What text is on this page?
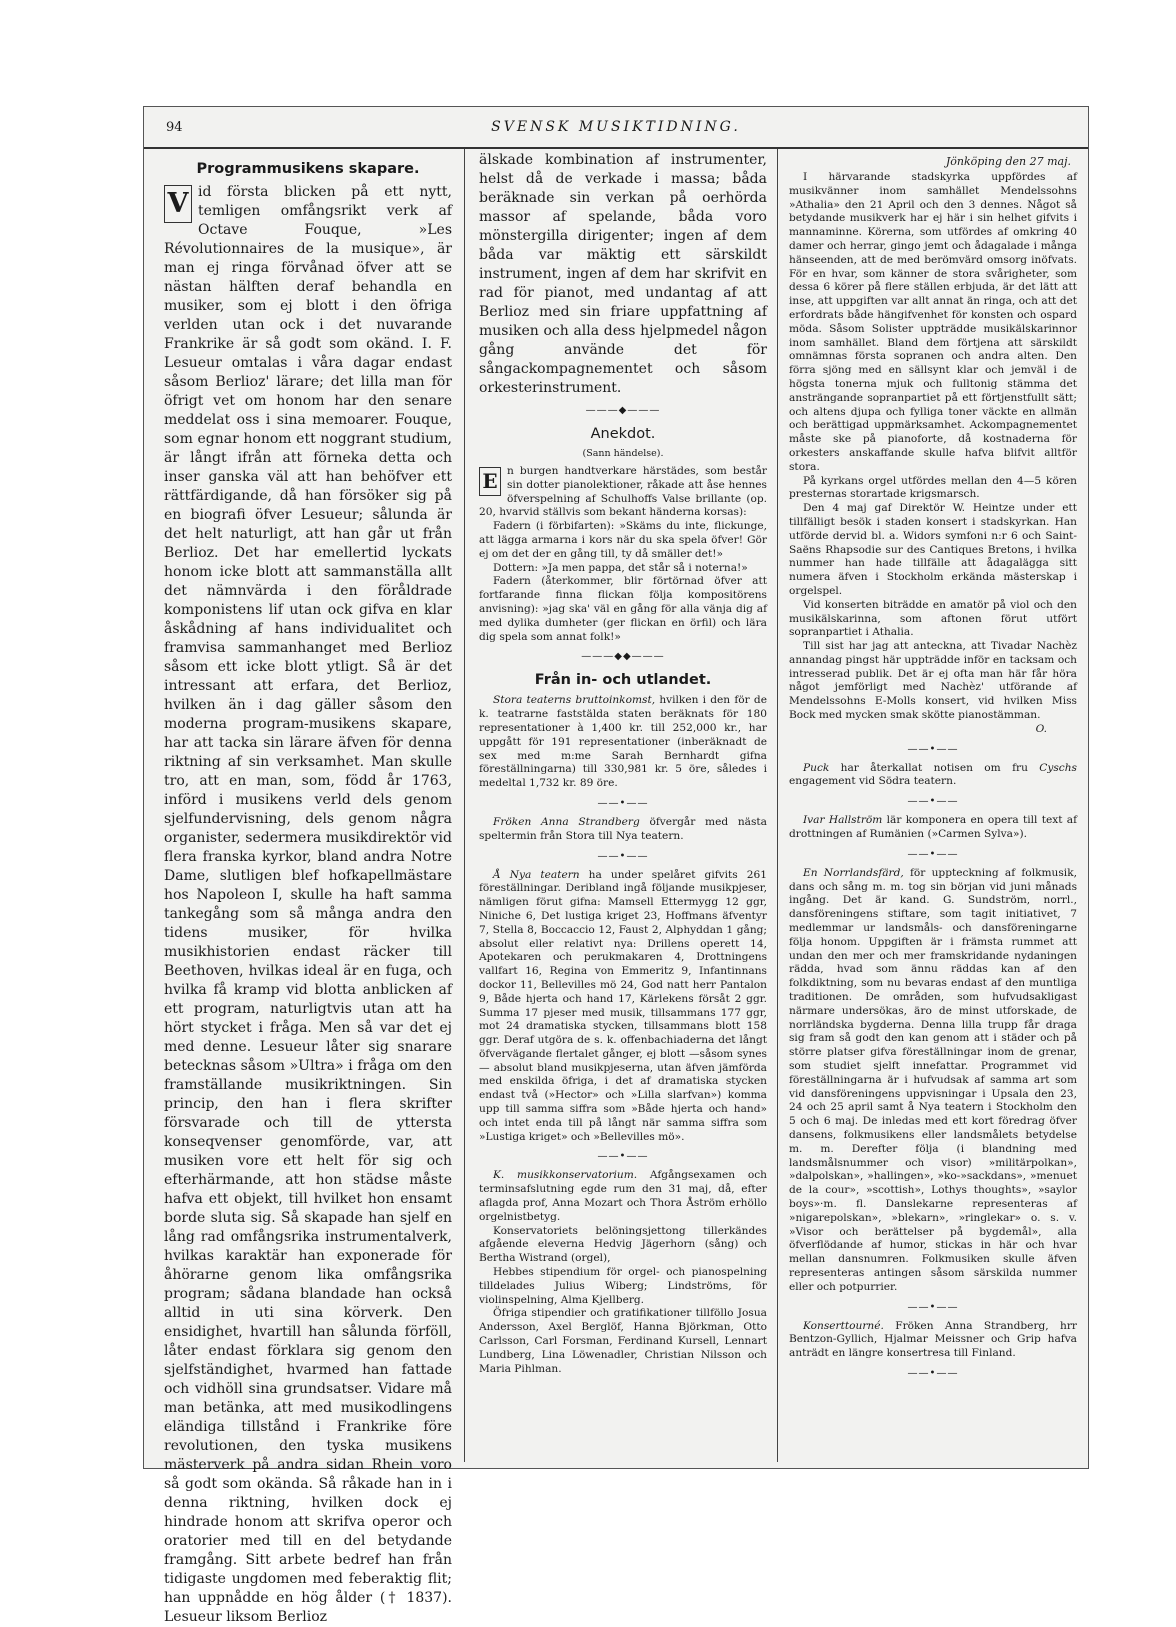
94	SVENSK MUSIKTIDNING.
Programmusikens skapare.

V id första blicken på ett nytt, temligen omfångsrikt verk af Octave Fouque, »Les Révolutionnaires de la musique», är man ej ringa förvånad öfver att se nästan hälften deraf behandla en musiker, som ej blott i den öfriga verlden utan ock i det nuvarande Frankrike är så godt som okänd. I. F. Lesueur omtalas i våra dagar endast såsom Berlioz' lärare; det lilla man för öfrigt vet om honom har den senare meddelat oss i sina memoarer. Fouque, som egnar honom ett noggrant studium, är långt ifrån att förneka detta och inser ganska väl att han behöfver ett rättfärdigande, då han försöker sig på en biografi öfver Lesueur; sålunda är det helt naturligt, att han går ut från Berlioz. Det har emellertid lyckats honom icke blott att sammanställa allt det nämnvärda i den föråldrade komponistens lif utan ock gifva en klar åskådning af hans individualitet och framvisa sammanhanget med Berlioz såsom ett icke blott ytligt. Så är det intressant att erfara, det Berlioz, hvilken än i dag gäller såsom den moderna program-musikens skapare, har att tacka sin lärare äfven för denna riktning af sin verksamhet. Man skulle tro, att en man, som, född år 1763, införd i musikens verld dels genom sjelfundervisning, dels genom några organister, sedermera musikdirektör vid flera franska kyrkor, bland andra Notre Dame, slutligen blef hofkapellmästare hos Napoleon I, skulle ha haft samma tankegång som så många andra den tidens musiker, för hvilka musikhistorien endast räcker till Beethoven, hvilkas ideal är en fuga, och hvilka få kramp vid blotta anblicken af ett program, naturligtvis utan att ha hört stycket i fråga. Men så var det ej med denne. Lesueur låter sig snarare betecknas såsom »Ultra» i fråga om den framställande musikriktningen. Sin princip, den han i flera skrifter försvarade och till de yttersta konseqvenser genomförde, var, att musiken vore ett helt för sig och efterhärmande, att hon städse måste hafva ett objekt, till hvilket hon ensamt borde sluta sig. Så skapade han sjelf en lång rad omfångsrika instrumentalverk, hvilkas karaktär han exponerade för åhörarne genom lika omfångsrika program; sådana blandade han också alltid in uti sina körverk. Den ensidighet, hvartill han sålunda förföll, låter endast förklara sig genom den sjelfständighet, hvarmed han fattade och vidhöll sina grundsatser. Vidare må man betänka, att med musikodlingens eländiga tillstånd i Frankrike före revolutionen, den tyska musikens mästerverk på andra sidan Rhein voro så godt som okända. Så råkade han in i denna riktning, hvilken dock ej hindrade honom att skrifva operor och oratorier med till en del betydande framgång. Sitt arbete bedref han från tidigaste ungdomen med feberaktig flit; han uppnådde en hög ålder († 1837). Lesueur liksom Berlioz

älskade kombination af instrumenter, helst då de verkade i massa; båda beräknade sin verkan på oerhörda massor af spelande, båda voro mönstergilla dirigenter; ingen af dem båda var mäktig ett särskildt instrument, ingen af dem har skrifvit en rad för pianot, med undantag af att Berlioz med sin friare uppfattning af musiken och alla dess hjelpmedel någon gång använde det för sångackompagnementet och såsom orkesterinstrument.

———◆———
Anekdot.
(Sann händelse).

E n burgen handtverkare härstädes, som består sin dotter pianolektioner, råkade att åse hennes öfverspelning af Schulhoffs Valse brillante (op. 20, hvarvid ställvis som bekant händerna korsas):

Fadern (i förbifarten): »Skäms du inte, flickunge, att lägga armarna i kors när du ska spela öfver! Gör ej om det der en gång till, ty då smäller det!»

Dottern: »Ja men pappa, det står så i noterna!»

Fadern (återkommer, blir förtörnad öfver att fortfarande finna flickan följa kompositörens anvisning): »jag ska' väl en gång för alla vänja dig af med dylika dumheter (ger flickan en örfil) och lära dig spela som annat folk!»

———◆◆———
Från in- och utlandet.

Stora teaterns bruttoinkomst, hvilken i den för de k. teatrarne faststälda staten beräknats för 180 representationer à 1,400 kr. till 252,000 kr., har uppgått för 191 representationer (inberäknadt de sex med m:me Sarah Bernhardt gifna föreställningarna) till 330,981 kr. 5 öre, således i medeltal 1,732 kr. 89 öre.

——•——

Fröken Anna Strandberg öfvergår med nästa speltermin från Stora till Nya teatern.

——•——

Å Nya teatern ha under spelåret gifvits 261 föreställningar. Deribland ingå följande musikpjeser, nämligen förut gifna: Mamsell Ettermygg 12 ggr, Niniche 6, Det lustiga kriget 23, Hoffmans äfventyr 7, Stella 8, Boccaccio 12, Faust 2, Alphyddan 1 gång; absolut eller relativt nya: Drillens operett 14, Apotekaren och perukmakaren 4, Drottningens vallfart 16, Regina von Emmeritz 9, Infantinnans dockor 11, Bellevilles mö 24, God natt herr Pantalon 9, Både hjerta och hand 17, Kärlekens försåt 2 ggr. Summa 17 pjeser med musik, tillsammans 177 ggr, mot 24 dramatiska stycken, tillsammans blott 158 ggr. Deraf utgöra de s. k. offenbachiaderna det långt öfvervägande flertalet gånger, ej blott —såsom synes — absolut bland musikpjeserna, utan äfven jämförda med enskilda öfriga, i det af dramatiska stycken endast två (»Hector» och »Lilla slarfvan») komma upp till samma siffra som »Både hjerta och hand» och intet enda till på långt när samma siffra som »Lustiga kriget» och »Bellevilles mö».

——•——

K. musikkonservatorium. Afgångsexamen och terminsafslutning egde rum den 31 maj, då, efter aflagda prof, Anna Mozart och Thora Åström erhöllo orgelnistbetyg.

Konservatoriets belöningsjettong tillerkändes afgående eleverna Hedvig Jägerhorn (sång) och Bertha Wistrand (orgel),

Hebbes stipendium för orgel- och pianospelning tilldelades Julius Wiberg; Lindströms, för violinspelning, Alma Kjellberg.

Öfriga stipendier och gratifikationer tillföllo Josua Andersson, Axel Berglöf, Hanna Björkman, Otto Carlsson, Carl Forsman, Ferdinand Kursell, Lennart Lundberg, Lina Löwenadler, Christian Nilsson och Maria Pihlman.

Jönköping den 27 maj.

I härvarande stadskyrka uppfördes af musikvänner inom samhället Mendelssohns »Athalia» den 21 April och den 3 dennes. Något så betydande musikverk har ej här i sin helhet gifvits i mannaminne. Körerna, som utfördes af omkring 40 damer och herrar, gingo jemt och ådagalade i många hänseenden, att de med berömvärd omsorg inöfvats. För en hvar, som känner de stora svårigheter, som dessa 6 körer på flere ställen erbjuda, är det lätt att inse, att uppgiften var allt annat än ringa, och att det erfordrats både hängifvenhet för konsten och ospard möda. Såsom Solister uppträdde musikälskarinnor inom samhället. Bland dem förtjena att särskildt omnämnas första sopranen och andra alten. Den förra sjöng med en sällsynt klar och jemväl i de högsta tonerna mjuk och fulltonig stämma det ansträngande sopranpartiet på ett förtjenstfullt sätt; och altens djupa och fylliga toner väckte en allmän och berättigad uppmärksamhet. Ackompagnementet måste ske på pianoforte, då kostnaderna för orkesters anskaffande skulle hafva blifvit alltför stora.

På kyrkans orgel utfördes mellan den 4—5 kören presternas storartade krigsmarsch.

Den 4 maj gaf Direktör W. Heintze under ett tillfälligt besök i staden konsert i stadskyrkan. Han utförde dervid bl. a. Widors symfoni n:r 6 och Saint-Saëns Rhapsodie sur des Cantiques Bretons, i hvilka nummer han hade tillfälle att ådagalägga sitt numera äfven i Stockholm erkända mästerskap i orgelspel.

Vid konserten biträdde en amatör på viol och den musikälskarinna, som aftonen förut utfört sopranpartiet i Athalia.

Till sist har jag att anteckna, att Tivadar Nachèz annandag pingst här uppträdde inför en tacksam och intresserad publik. Det är ej ofta man här får höra något jemförligt med Nachèz' utförande af Mendelssohns E-Molls konsert, vid hvilken Miss Bock med mycken smak skötte pianostämman.

O.
——•——

Puck har återkallat notisen om fru Cyschs engagement vid Södra teatern.

——•——

Ivar Hallström lär komponera en opera till text af drottningen af Rumänien (»Carmen Sylva»).

——•——

En Norrlandsfärd, för uppteckning af folkmusik, dans och sång m. m. tog sin början vid juni månads ingång. Det är kand. G. Sundström, norrl., dansföreningens stiftare, som tagit initiativet, 7 medlemmar ur landsmåls- och dansföreningarne följa honom. Uppgiften är i främsta rummet att undan den mer och mer framskridande nydaningen rädda, hvad som ännu räddas kan af den folkdiktning, som nu bevaras endast af den muntliga traditionen. De områden, som hufvudsakligast närmare undersökas, äro de minst utforskade, de norrländska bygderna. Denna lilla trupp får draga sig fram så godt den kan genom att i städer och på större platser gifva föreställningar inom de grenar, som studiet sjelft innefattar. Programmet vid föreställningarna är i hufvudsak af samma art som vid dansföreningens uppvisningar i Upsala den 23, 24 och 25 april samt å Nya teatern i Stockholm den 5 och 6 maj. De inledas med ett kort föredrag öfver dansens, folkmusikens eller landsmålets betydelse m. m. Derefter följa (i blandning med landsmålsnummer och visor) »militärpolkan», »dalpolskan», »hallingen», »ko-»sackdans», »menuet de la cour», »scottish», Lothys thoughts», »saylor boys»·m. fl. Danslekarne representeras af »nigarepolskan», »blekarn», »ringlekar» o. s. v. »Visor och berättelser på bygdemål», alla öfverflödande af humor, stickas in här och hvar mellan dansnumren. Folkmusiken skulle äfven representeras antingen såsom särskilda nummer eller och potpurrier.

——•——

Konserttourné. Fröken Anna Strandberg, hrr Bentzon-Gyllich, Hjalmar Meissner och Grip hafva anträdt en längre konsertresa till Finland.

——•——
